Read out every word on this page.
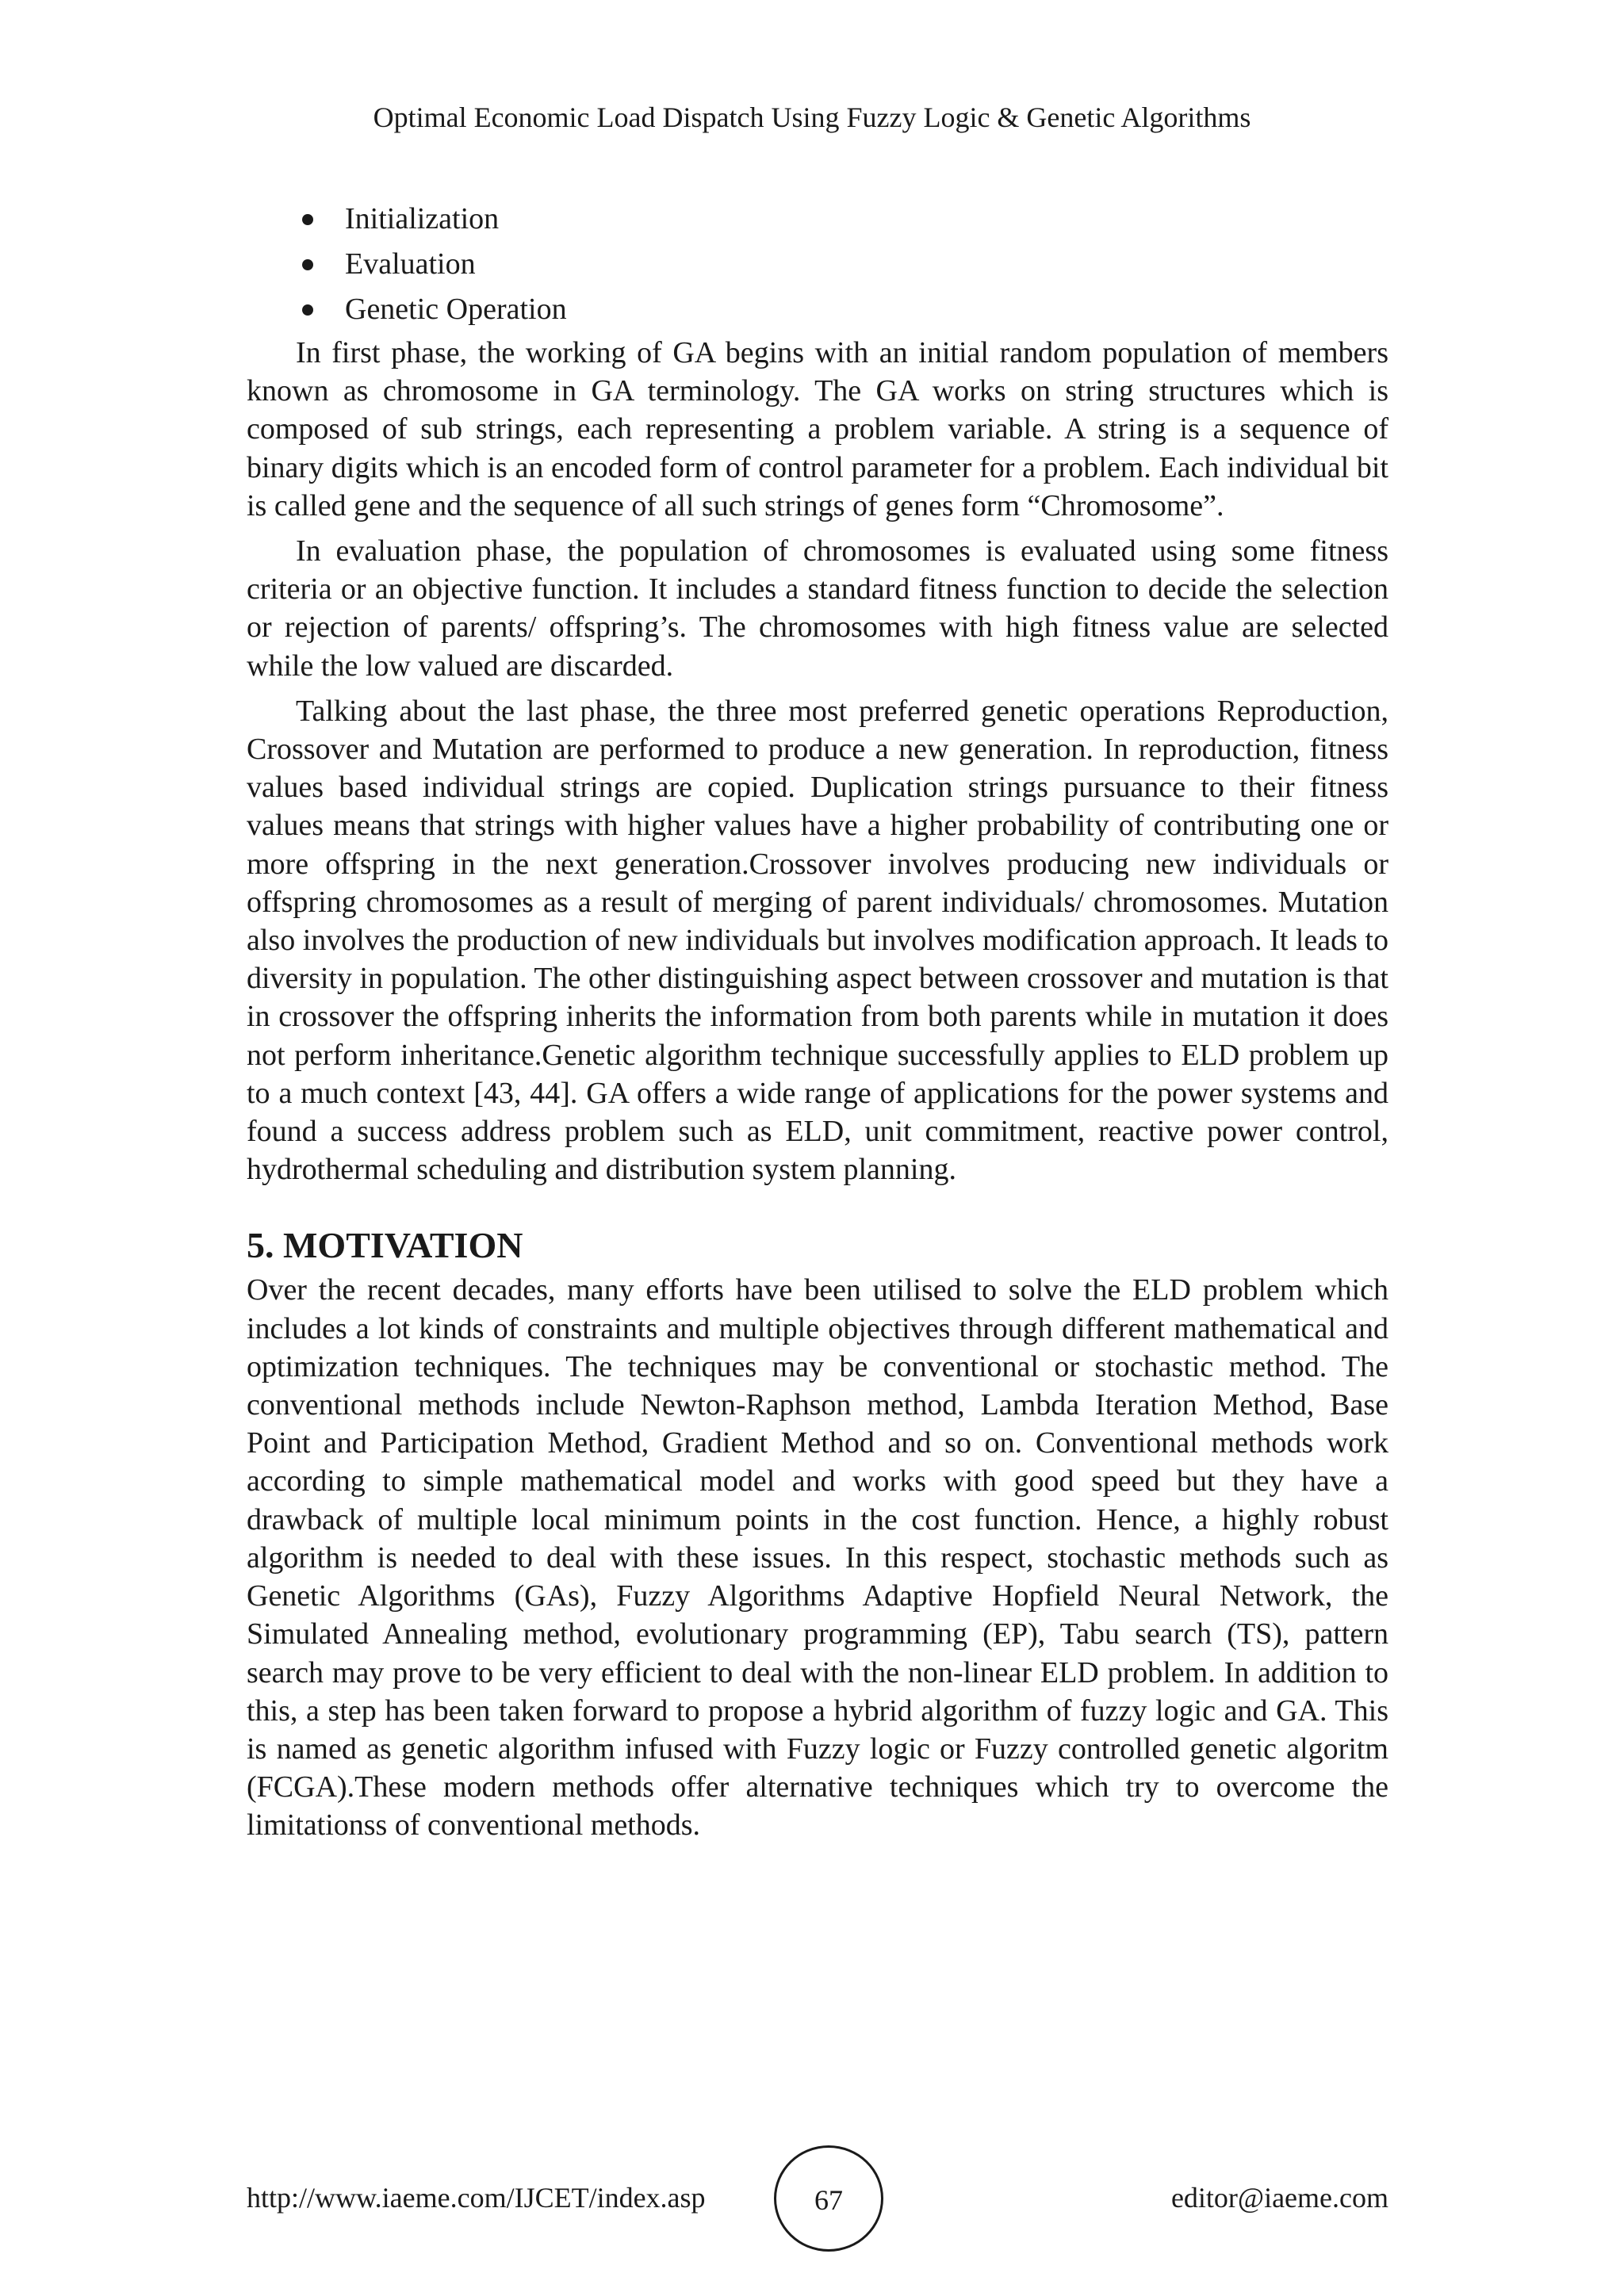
Optimal Economic Load Dispatch Using Fuzzy Logic & Genetic Algorithms
Initialization
Evaluation
Genetic Operation

In first phase, the working of GA begins with an initial random population of members known as chromosome in GA terminology. The GA works on string structures which is composed of sub strings, each representing a problem variable. A string is a sequence of binary digits which is an encoded form of control parameter for a problem. Each individual bit is called gene and the sequence of all such strings of genes form “Chromosome”.

In evaluation phase, the population of chromosomes is evaluated using some fitness criteria or an objective function. It includes a standard fitness function to decide the selection or rejection of parents/ offspring’s. The chromosomes with high fitness value are selected while the low valued are discarded.

Talking about the last phase, the three most preferred genetic operations Reproduction, Crossover and Mutation are performed to produce a new generation. In reproduction, fitness values based individual strings are copied. Duplication strings pursuance to their fitness values means that strings with higher values have a higher probability of contributing one or more offspring in the next generation.Crossover involves producing new individuals or offspring chromosomes as a result of merging of parent individuals/ chromosomes. Mutation also involves the production of new individuals but involves modification approach. It leads to diversity in population. The other distinguishing aspect between crossover and mutation is that in crossover the offspring inherits the information from both parents while in mutation it does not perform inheritance.Genetic algorithm technique successfully applies to ELD problem up to a much context [43, 44]. GA offers a wide range of applications for the power systems and found a success address problem such as ELD, unit commitment, reactive power control, hydrothermal scheduling and distribution system planning.

5. MOTIVATION

Over the recent decades, many efforts have been utilised to solve the ELD problem which includes a lot kinds of constraints and multiple objectives through different mathematical and optimization techniques. The techniques may be conventional or stochastic method. The conventional methods include Newton-Raphson method, Lambda Iteration Method, Base Point and Participation Method, Gradient Method and so on. Conventional methods work according to simple mathematical model and works with good speed but they have a drawback of multiple local minimum points in the cost function. Hence, a highly robust algorithm is needed to deal with these issues. In this respect, stochastic methods such as Genetic Algorithms (GAs), Fuzzy Algorithms Adaptive Hopfield Neural Network, the Simulated Annealing method, evolutionary programming (EP), Tabu search (TS), pattern search may prove to be very efficient to deal with the non-linear ELD problem. In addition to this, a step has been taken forward to propose a hybrid algorithm of fuzzy logic and GA. This is named as genetic algorithm infused with Fuzzy logic or Fuzzy controlled genetic algoritm (FCGA).These modern methods offer alternative techniques which try to overcome the limitationss of conventional methods.

http://www.iaeme.com/IJCET/index.asp	67	editor@iaeme.com
